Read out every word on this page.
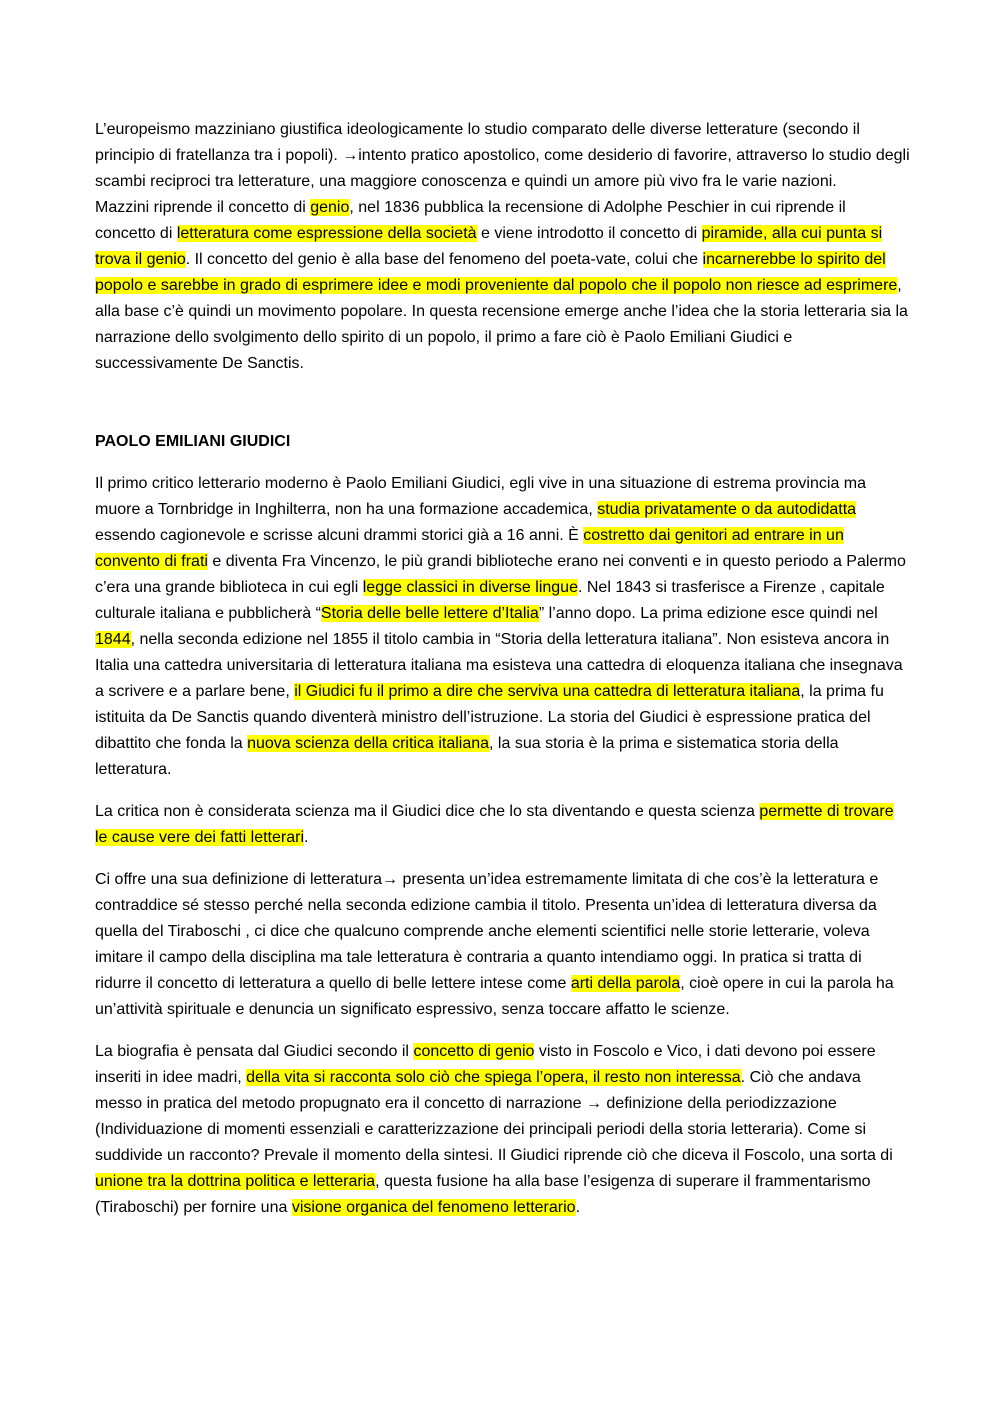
L’europeismo mazziniano giustifica ideologicamente lo studio comparato delle diverse letterature (secondo il principio di fratellanza tra i popoli). →intento pratico apostolico, come desiderio di favorire, attraverso lo studio degli scambi reciproci tra letterature, una maggiore conoscenza e quindi un amore più vivo fra le varie nazioni.

Mazzini riprende il concetto di genio, nel 1836 pubblica la recensione di Adolphe Peschier in cui riprende il concetto di letteratura come espressione della società e viene introdotto il concetto di piramide, alla cui punta si trova il genio. Il concetto del genio è alla base del fenomeno del poeta-vate, colui che incarnerebbe lo spirito del popolo e sarebbe in grado di esprimere idee e modi proveniente dal popolo che il popolo non riesce ad esprimere, alla base c’è quindi un movimento popolare. In questa recensione emerge anche l’idea che la storia letteraria sia la narrazione dello svolgimento dello spirito di un popolo, il primo a fare ciò è Paolo Emiliani Giudici e successivamente De Sanctis.

PAOLO EMILIANI GIUDICI

Il primo critico letterario moderno è Paolo Emiliani Giudici, egli vive in una situazione di estrema provincia ma muore a Tornbridge in Inghilterra, non ha una formazione accademica, studia privatamente o da autodidatta essendo cagionevole e scrisse alcuni drammi storici già a 16 anni. È costretto dai genitori ad entrare in un convento di frati e diventa Fra Vincenzo, le più grandi biblioteche erano nei conventi e in questo periodo a Palermo c’era una grande biblioteca in cui egli legge classici in diverse lingue. Nel 1843 si trasferisce a Firenze , capitale culturale italiana e pubblicherà “Storia delle belle lettere d’Italia” l’anno dopo. La prima edizione esce quindi nel 1844, nella seconda edizione nel 1855 il titolo cambia in “Storia della letteratura italiana”. Non esisteva ancora in Italia una cattedra universitaria di letteratura italiana ma esisteva una cattedra di eloquenza italiana che insegnava a scrivere e a parlare bene, il Giudici fu il primo a dire che serviva una cattedra di letteratura italiana, la prima fu istituita da De Sanctis quando diventerà ministro dell’istruzione. La storia del Giudici è espressione pratica del dibattito che fonda la nuova scienza della critica italiana, la sua storia è la prima e sistematica storia della letteratura.

La critica non è considerata scienza ma il Giudici dice che lo sta diventando e questa scienza permette di trovare le cause vere dei fatti letterari.

Ci offre una sua definizione di letteratura→ presenta un’idea estremamente limitata di che cos’è la letteratura e contraddice sé stesso perché nella seconda edizione cambia il titolo. Presenta un’idea di letteratura diversa da quella del Tiraboschi , ci dice che qualcuno comprende anche elementi scientifici nelle storie letterarie, voleva imitare il campo della disciplina ma tale letteratura è contraria a quanto intendiamo oggi. In pratica si tratta di ridurre il concetto di letteratura a quello di belle lettere intese come arti della parola, cioè opere in cui la parola ha un’attività spirituale e denuncia un significato espressivo, senza toccare affatto le scienze.

La biografia è pensata dal Giudici secondo il concetto di genio visto in Foscolo e Vico, i dati devono poi essere inseriti in idee madri, della vita si racconta solo ciò che spiega l’opera, il resto non interessa. Ciò che andava messo in pratica del metodo propugnato era il concetto di narrazione → definizione della periodizzazione (Individuazione di momenti essenziali e caratterizzazione dei principali periodi della storia letteraria). Come si suddivide un racconto? Prevale il momento della sintesi. Il Giudici riprende ciò che diceva il Foscolo, una sorta di unione tra la dottrina politica e letteraria, questa fusione ha alla base l’esigenza di superare il frammentarismo (Tiraboschi) per fornire una visione organica del fenomeno letterario.
